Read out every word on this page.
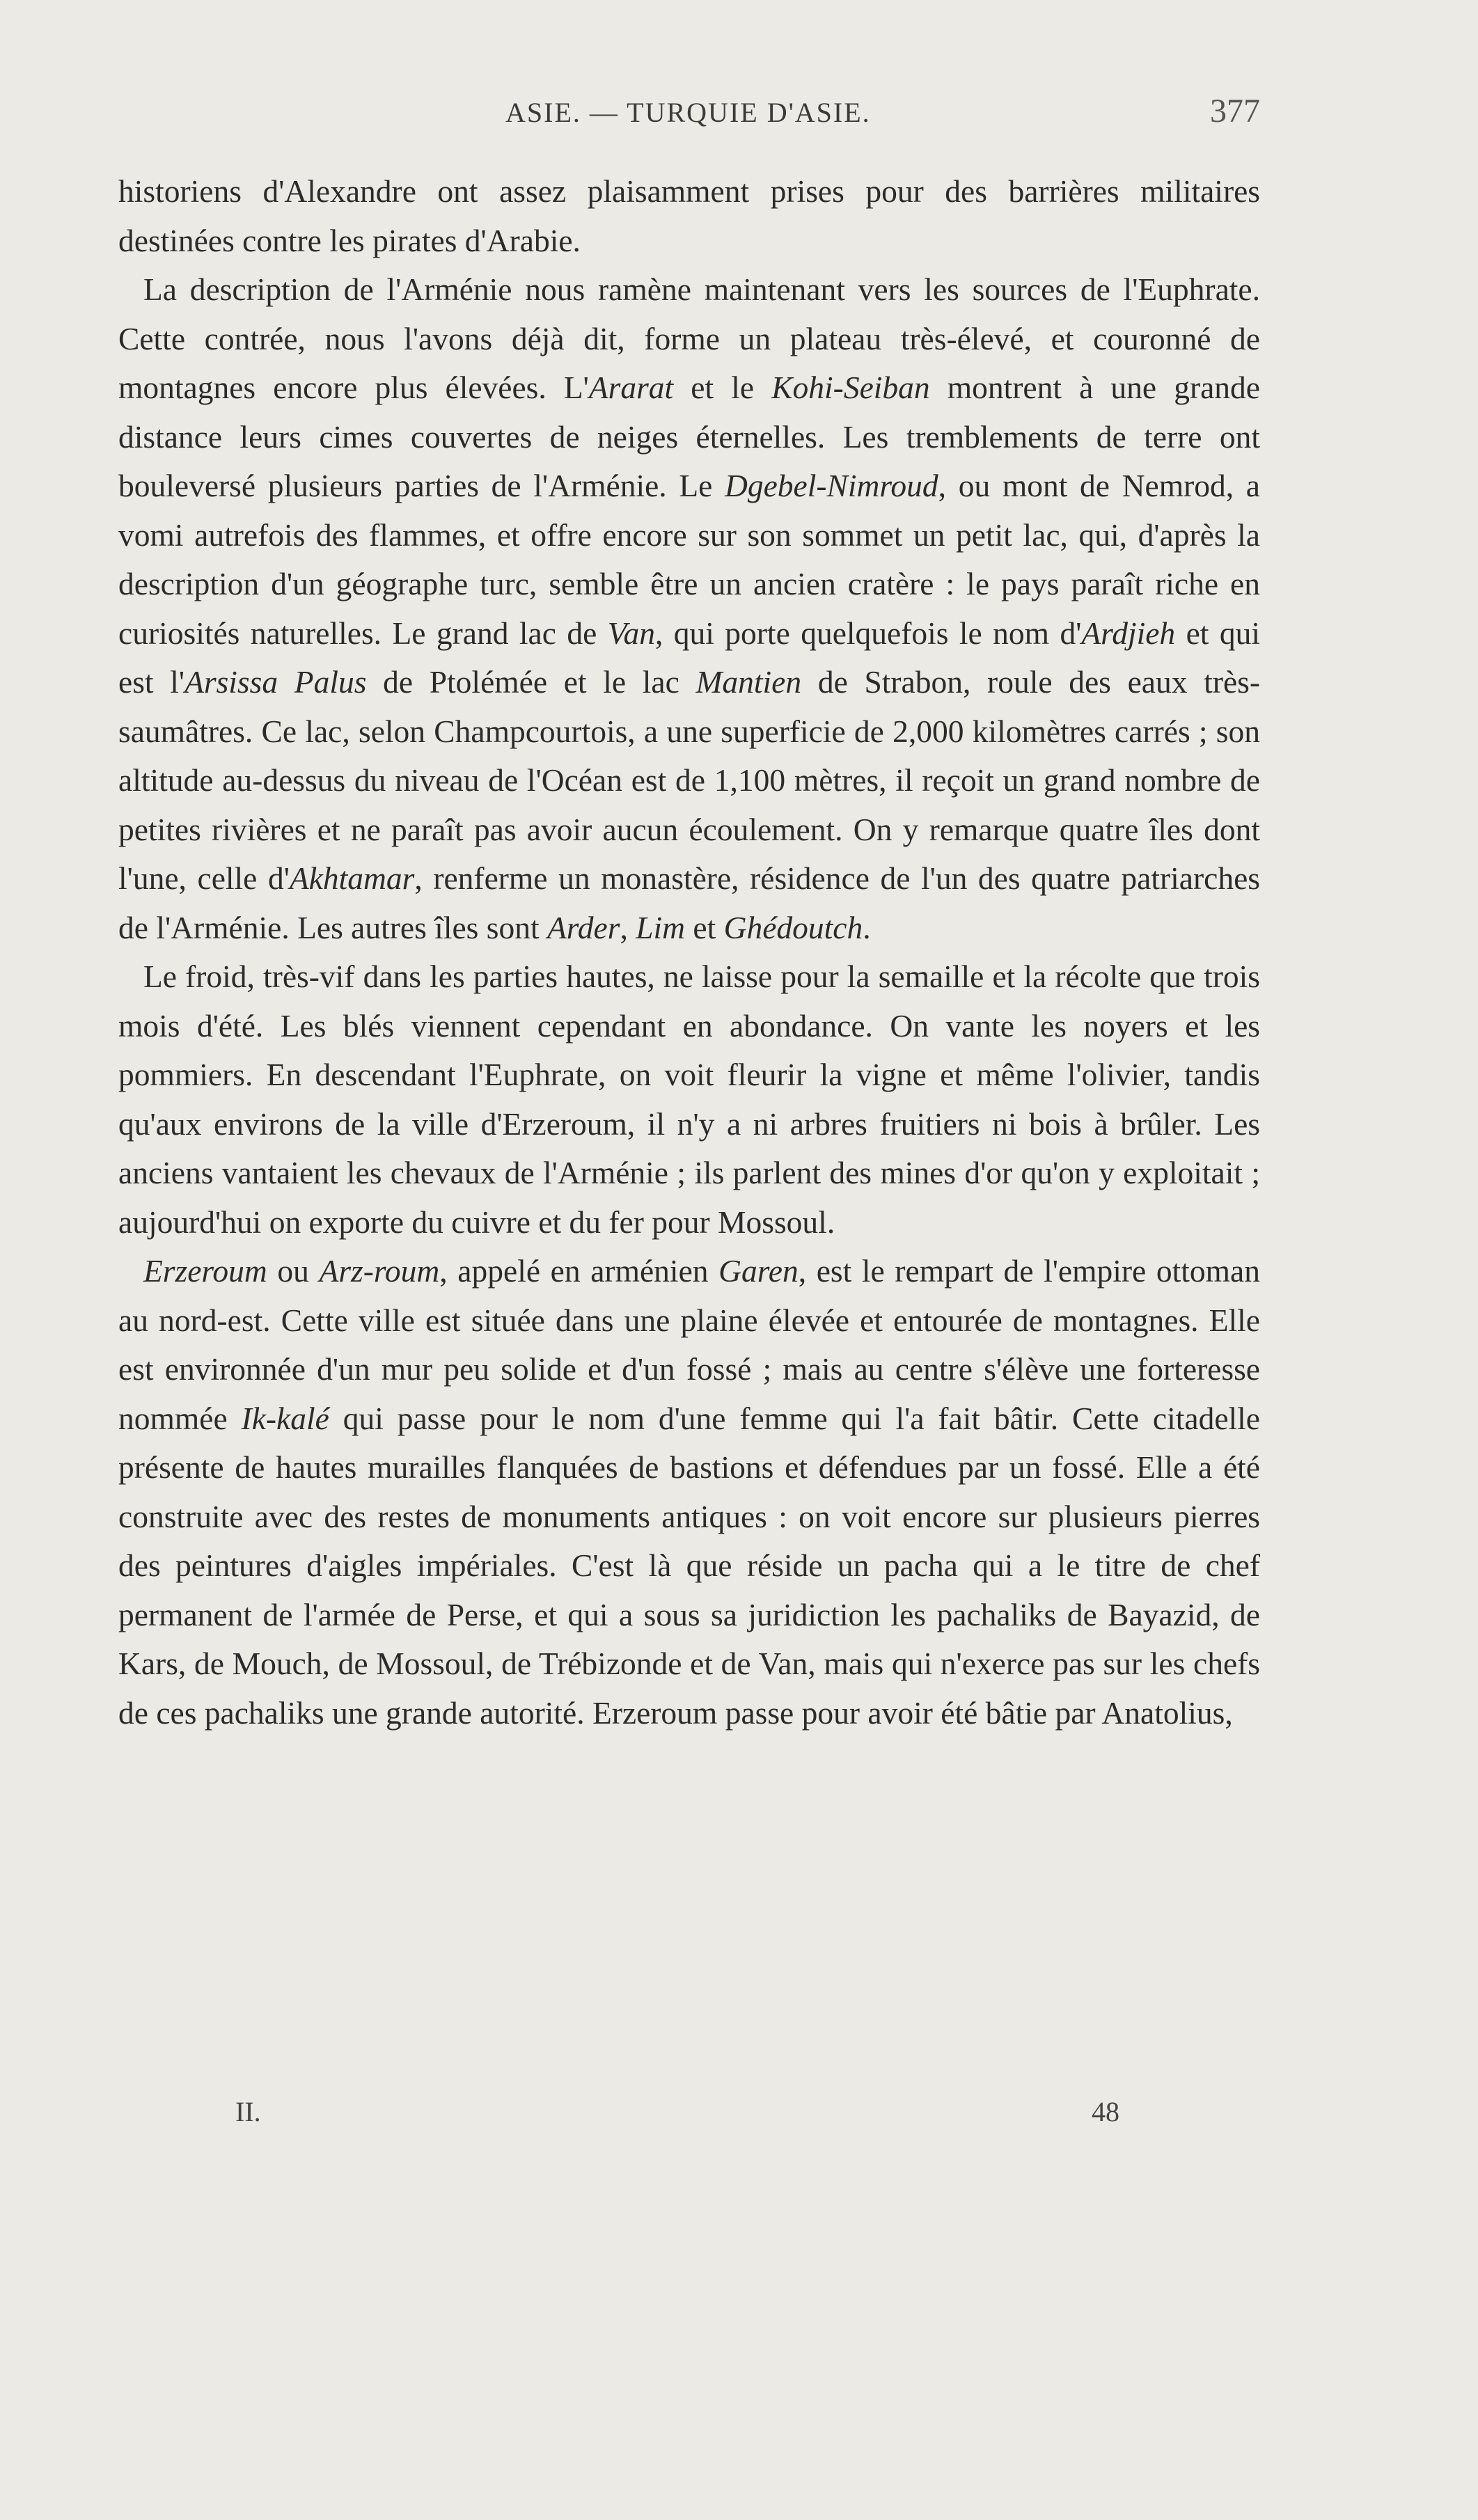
ASIE. — TURQUIE D'ASIE.	377

historiens d'Alexandre ont assez plaisamment prises pour des barrières militaires destinées contre les pirates d'Arabie.

La description de l'Arménie nous ramène maintenant vers les sources de l'Euphrate. Cette contrée, nous l'avons déjà dit, forme un plateau très-élevé, et couronné de montagnes encore plus élevées. L'Ararat et le Kohi-Seiban montrent à une grande distance leurs cimes couvertes de neiges éternelles. Les tremblements de terre ont bouleversé plusieurs parties de l'Arménie. Le Dgebel-Nimroud, ou mont de Nemrod, a vomi autrefois des flammes, et offre encore sur son sommet un petit lac, qui, d'après la description d'un géographe turc, semble être un ancien cratère : le pays paraît riche en curiosités naturelles. Le grand lac de Van, qui porte quelquefois le nom d'Ardjieh et qui est l'Arsissa Palus de Ptolémée et le lac Mantien de Strabon, roule des eaux très-saumâtres. Ce lac, selon Champcourtois, a une superficie de 2,000 kilomètres carrés ; son altitude au-dessus du niveau de l'Océan est de 1,100 mètres, il reçoit un grand nombre de petites rivières et ne paraît pas avoir aucun écoulement. On y remarque quatre îles dont l'une, celle d'Akhtamar, renferme un monastère, résidence de l'un des quatre patriarches de l'Arménie. Les autres îles sont Arder, Lim et Ghédoutch.

Le froid, très-vif dans les parties hautes, ne laisse pour la semaille et la récolte que trois mois d'été. Les blés viennent cependant en abondance. On vante les noyers et les pommiers. En descendant l'Euphrate, on voit fleurir la vigne et même l'olivier, tandis qu'aux environs de la ville d'Erzeroum, il n'y a ni arbres fruitiers ni bois à brûler. Les anciens vantaient les chevaux de l'Arménie ; ils parlent des mines d'or qu'on y exploitait ; aujourd'hui on exporte du cuivre et du fer pour Mossoul.

Erzeroum ou Arz-roum, appelé en arménien Garen, est le rempart de l'empire ottoman au nord-est. Cette ville est située dans une plaine élevée et entourée de montagnes. Elle est environnée d'un mur peu solide et d'un fossé ; mais au centre s'élève une forteresse nommée Ik-kalé qui passe pour le nom d'une femme qui l'a fait bâtir. Cette citadelle présente de hautes murailles flanquées de bastions et défendues par un fossé. Elle a été construite avec des restes de monuments antiques : on voit encore sur plusieurs pierres des peintures d'aigles impériales. C'est là que réside un pacha qui a le titre de chef permanent de l'armée de Perse, et qui a sous sa juridiction les pachaliks de Bayazid, de Kars, de Mouch, de Mossoul, de Trébizonde et de Van, mais qui n'exerce pas sur les chefs de ces pachaliks une grande autorité. Erzeroum passe pour avoir été bâtie par Anatolius,

II.	48
